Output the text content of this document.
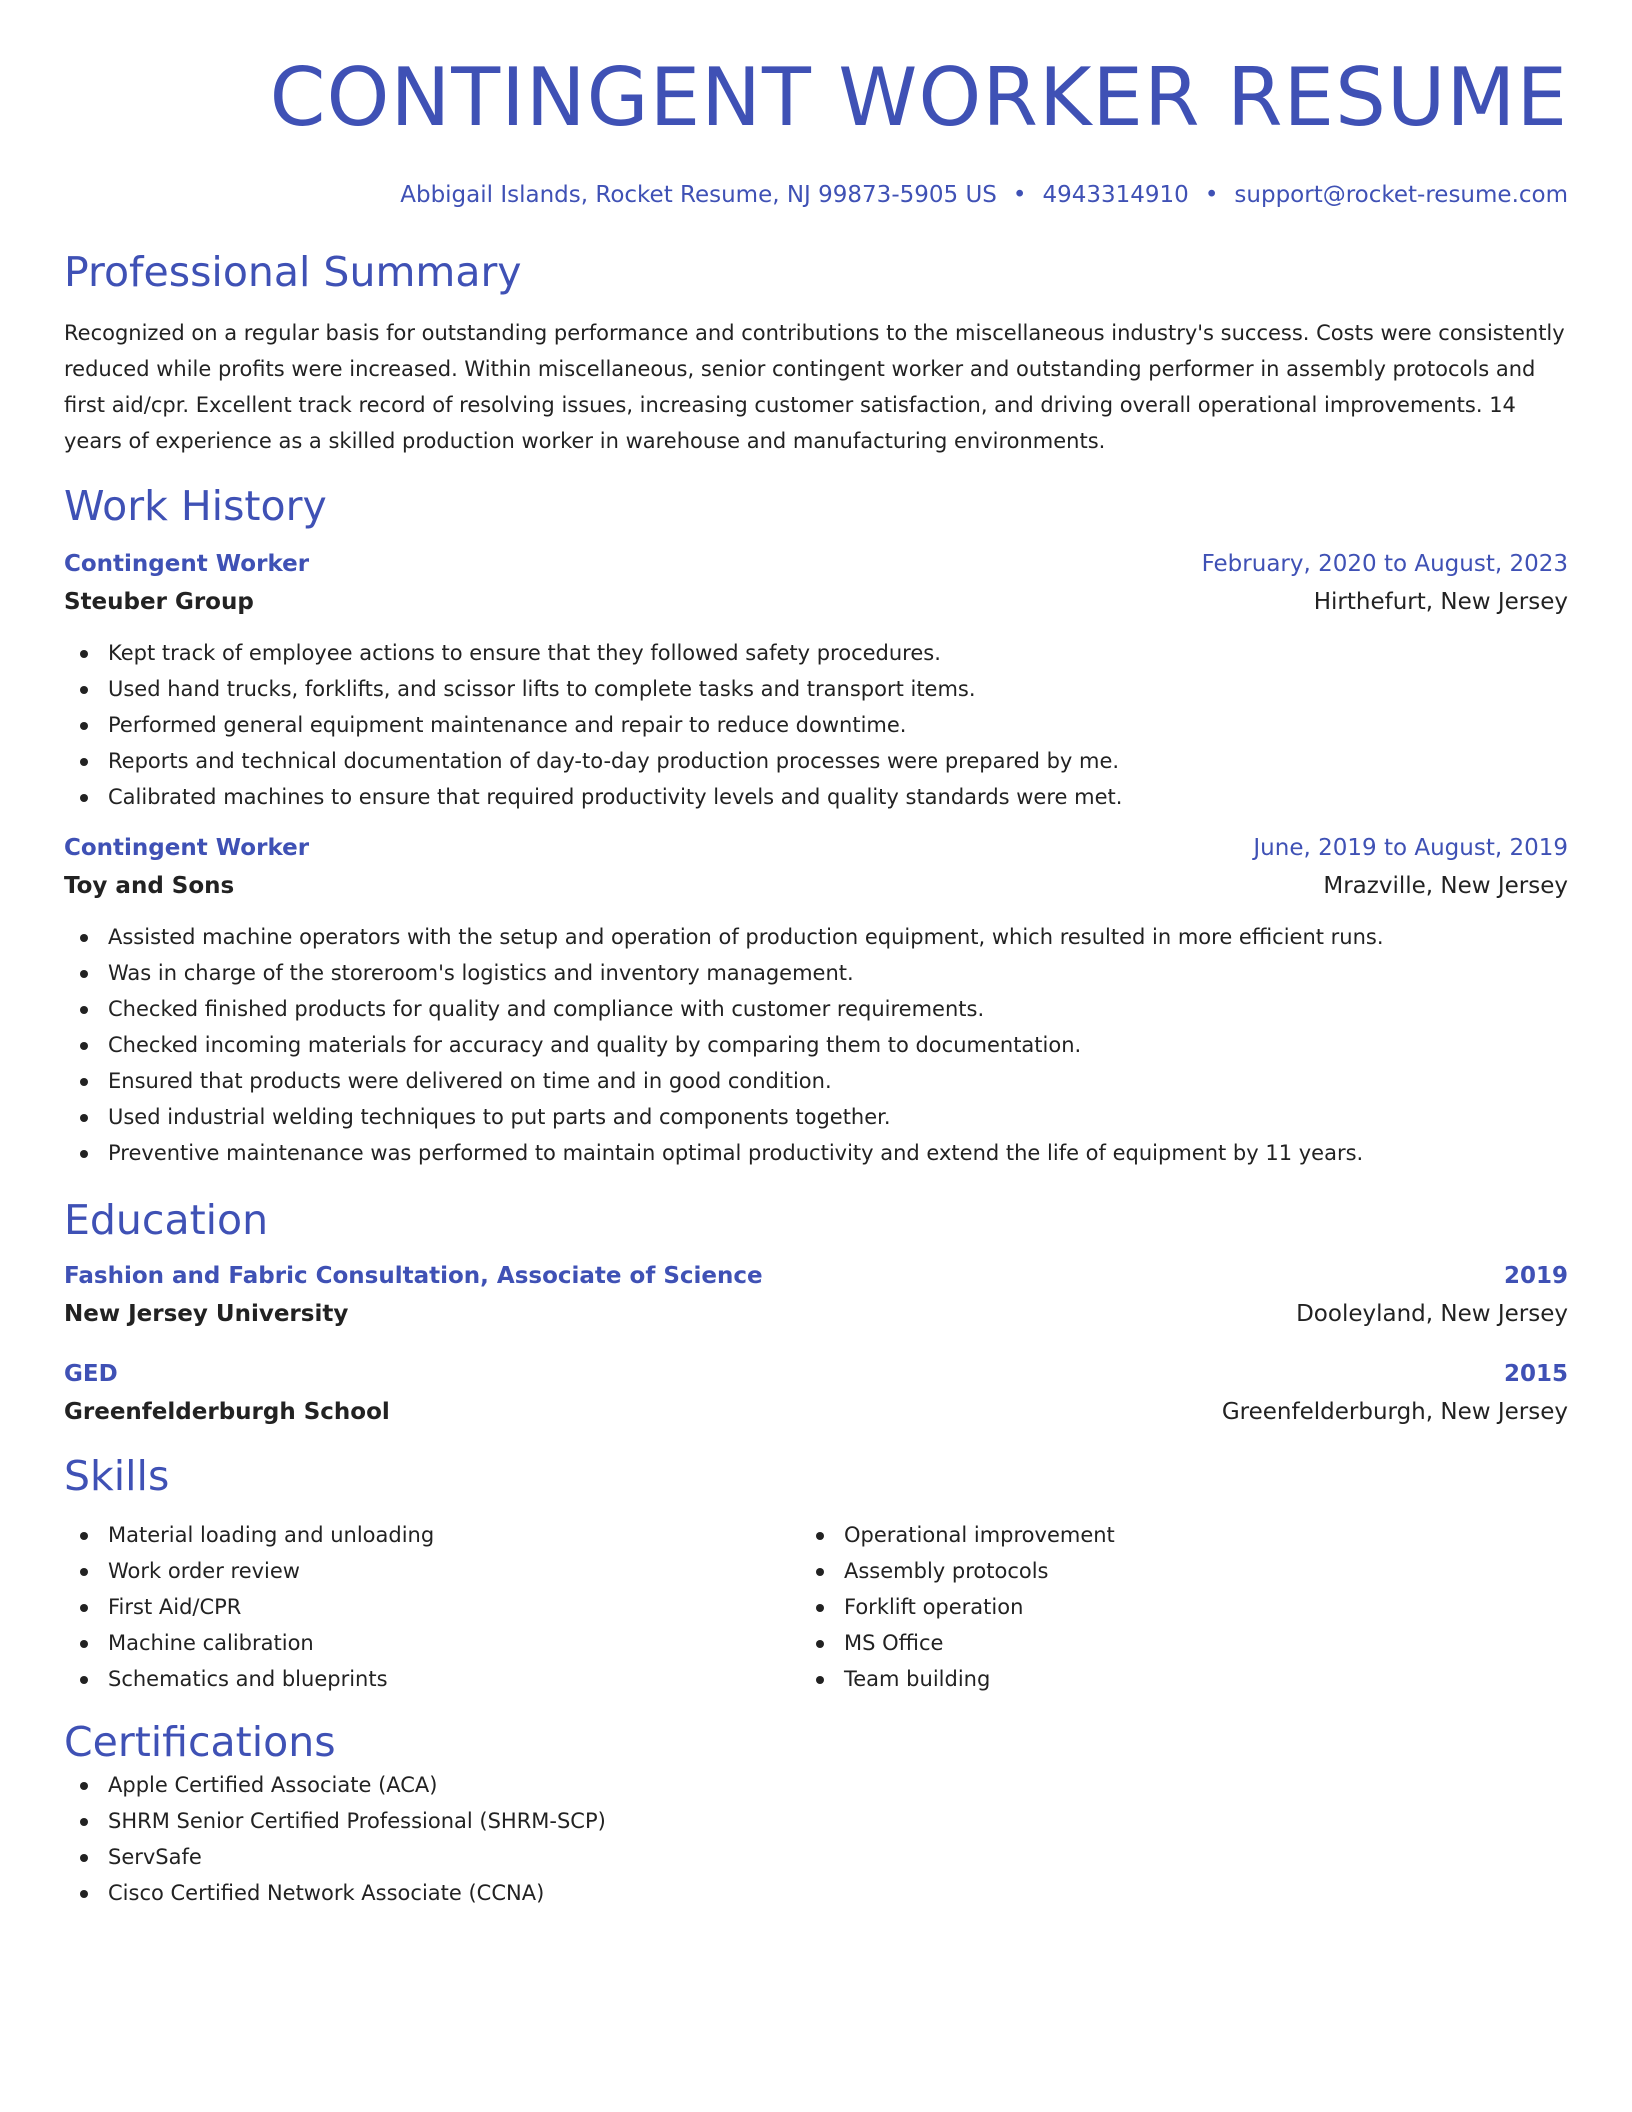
CONTINGENT WORKER RESUME
Abbigail Islands, Rocket Resume, NJ 99873-5905 US • 4943314910 • support@rocket-resume.com
Professional Summary
Recognized on a regular basis for outstanding performance and contributions to the miscellaneous industry's success. Costs were consistently reduced while profits were increased. Within miscellaneous, senior contingent worker and outstanding performer in assembly protocols and first aid/cpr. Excellent track record of resolving issues, increasing customer satisfaction, and driving overall operational improvements. 14 years of experience as a skilled production worker in warehouse and manufacturing environments.
Work History
Contingent Worker	February, 2020 to August, 2023
Steuber Group	Hirthefurt, New Jersey
Kept track of employee actions to ensure that they followed safety procedures.
Used hand trucks, forklifts, and scissor lifts to complete tasks and transport items.
Performed general equipment maintenance and repair to reduce downtime.
Reports and technical documentation of day-to-day production processes were prepared by me.
Calibrated machines to ensure that required productivity levels and quality standards were met.
Contingent Worker	June, 2019 to August, 2019
Toy and Sons	Mrazville, New Jersey
Assisted machine operators with the setup and operation of production equipment, which resulted in more efficient runs.
Was in charge of the storeroom's logistics and inventory management.
Checked finished products for quality and compliance with customer requirements.
Checked incoming materials for accuracy and quality by comparing them to documentation.
Ensured that products were delivered on time and in good condition.
Used industrial welding techniques to put parts and components together.
Preventive maintenance was performed to maintain optimal productivity and extend the life of equipment by 11 years.
Education
Fashion and Fabric Consultation, Associate of Science	2019
New Jersey University	Dooleyland, New Jersey
GED	2015
Greenfelderburgh School	Greenfelderburgh, New Jersey
Skills
Material loading and unloading
Work order review
First Aid/CPR
Machine calibration
Schematics and blueprints
Operational improvement
Assembly protocols
Forklift operation
MS Office
Team building
Certifications
Apple Certified Associate (ACA)
SHRM Senior Certified Professional (SHRM-SCP)
ServSafe
Cisco Certified Network Associate (CCNA)
